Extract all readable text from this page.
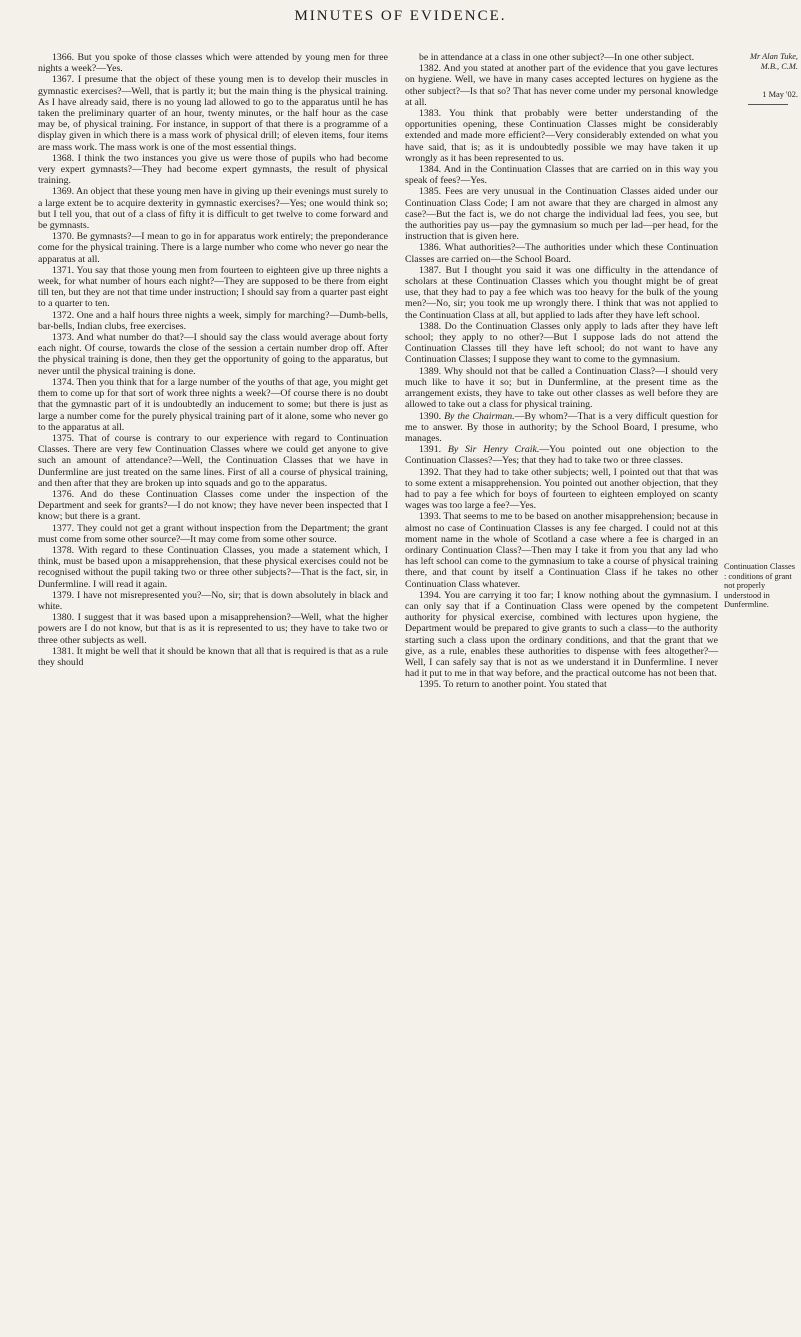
MINUTES OF EVIDENCE.

1366. But you spoke of those classes which were attended by young men for three nights a week?—Yes.

1367. I presume that the object of these young men is to develop their muscles in gymnastic exercises?—Well, that is partly it; but the main thing is the physical training. As I have already said, there is no young lad allowed to go to the apparatus until he has taken the preliminary quarter of an hour, twenty minutes, or the half hour as the case may be, of physical training. For instance, in support of that there is a programme of a display given in which there is a mass work of physical drill; of eleven items, four items are mass work. The mass work is one of the most essential things.

1368. I think the two instances you give us were those of pupils who had become very expert gymnasts?—They had become expert gymnasts, the result of physical training.

1369. An object that these young men have in giving up their evenings must surely to a large extent be to acquire dexterity in gymnastic exercises?—Yes; one would think so; but I tell you, that out of a class of fifty it is difficult to get twelve to come forward and be gymnasts.

1370. Be gymnasts?—I mean to go in for apparatus work entirely; the preponderance come for the physical training. There is a large number who come who never go near the apparatus at all.

1371. You say that those young men from fourteen to eighteen give up three nights a week, for what number of hours each night?—They are supposed to be there from eight till ten, but they are not that time under instruction; I should say from a quarter past eight to a quarter to ten.

1372. One and a half hours three nights a week, simply for marching?—Dumb-bells, bar-bells, Indian clubs, free exercises.

1373. And what number do that?—I should say the class would average about forty each night. Of course, towards the close of the session a certain number drop off. After the physical training is done, then they get the opportunity of going to the apparatus, but never until the physical training is done.

1374. Then you think that for a large number of the youths of that age, you might get them to come up for that sort of work three nights a week?—Of course there is no doubt that the gymnastic part of it is undoubtedly an inducement to some; but there is just as large a number come for the purely physical training part of it alone, some who never go to the apparatus at all.

1375. That of course is contrary to our experience with regard to Continuation Classes. There are very few Continuation Classes where we could get anyone to give such an amount of attendance?—Well, the Continuation Classes that we have in Dunfermline are just treated on the same lines. First of all a course of physical training, and then after that they are broken up into squads and go to the apparatus.

1376. And do these Continuation Classes come under the inspection of the Department and seek for grants?—I do not know; they have never been inspected that I know; but there is a grant.

1377. They could not get a grant without inspection from the Department; the grant must come from some other source?—It may come from some other source.

1378. With regard to these Continuation Classes, you made a statement which, I think, must be based upon a misapprehension, that these physical exercises could not be recognised without the pupil taking two or three other subjects?—That is the fact, sir, in Dunfermline. I will read it again.

1379. I have not misrepresented you?—No, sir; that is down absolutely in black and white.

1380. I suggest that it was based upon a misapprehension?—Well, what the higher powers are I do not know, but that is as it is represented to us; they have to take two or three other subjects as well.

1381. It might be well that it should be known that all that is required is that as a rule they should

be in attendance at a class in one other subject?—In one other subject.

1382. And you stated at another part of the evidence that you gave lectures on hygiene. Well, we have in many cases accepted lectures on hygiene as the other subject?—Is that so? That has never come under my personal knowledge at all.

1383. You think that probably were better understanding of the opportunities opening, these Continuation Classes might be considerably extended and made more efficient?—Very considerably extended on what you have said, that is; as it is undoubtedly possible we may have taken it up wrongly as it has been represented to us.

1384. And in the Continuation Classes that are carried on in this way you speak of fees?—Yes.

1385. Fees are very unusual in the Continuation Classes aided under our Continuation Class Code; I am not aware that they are charged in almost any case?—But the fact is, we do not charge the individual lad fees, you see, but the authorities pay us—pay the gymnasium so much per lad—per head, for the instruction that is given here.

1386. What authorities?—The authorities under which these Continuation Classes are carried on—the School Board.

1387. But I thought you said it was one difficulty in the attendance of scholars at these Continuation Classes which you thought might be of great use, that they had to pay a fee which was too heavy for the bulk of the young men?—No, sir; you took me up wrongly there. I think that was not applied to the Continuation Class at all, but applied to lads after they have left school.

1388. Do the Continuation Classes only apply to lads after they have left school; they apply to no other?—But I suppose lads do not attend the Continuation Classes till they have left school; do not want to have any Continuation Classes; I suppose they want to come to the gymnasium.

1389. Why should not that be called a Continuation Class?—I should very much like to have it so; but in Dunfermline, at the present time as the arrangement exists, they have to take out other classes as well before they are allowed to take out a class for physical training.

1390. By the Chairman.—By whom?—That is a very difficult question for me to answer. By those in authority; by the School Board, I presume, who manages.

1391. By Sir Henry Craik.—You pointed out one objection to the Continuation Classes?—Yes; that they had to take two or three classes.

1392. That they had to take other subjects; well, I pointed out that that was to some extent a misapprehension. You pointed out another objection, that they had to pay a fee which for boys of fourteen to eighteen employed on scanty wages was too large a fee?—Yes.

1393. That seems to me to be based on another misapprehension; because in almost no case of Continuation Classes is any fee charged. I could not at this moment name in the whole of Scotland a case where a fee is charged in an ordinary Continuation Class?—Then may I take it from you that any lad who has left school can come to the gymnasium to take a course of physical training there, and that count by itself a Continuation Class if he takes no other Continuation Class whatever.

1394. You are carrying it too far; I know nothing about the gymnasium. I can only say that if a Continuation Class were opened by the competent authority for physical exercise, combined with lectures upon hygiene, the Department would be prepared to give grants to such a class—to the authority starting such a class upon the ordinary conditions, and that the grant that we give, as a rule, enables these authorities to dispense with fees altogether?—Well, I can safely say that is not as we understand it in Dunfermline. I never had it put to me in that way before, and the practical outcome has not been that.

1395. To return to another point. You stated that

Mr Alan Tuke,
M.B., C.M.
1 May '02.
Continuation Classes : conditions of grant not properly understood in Dunfermline.
